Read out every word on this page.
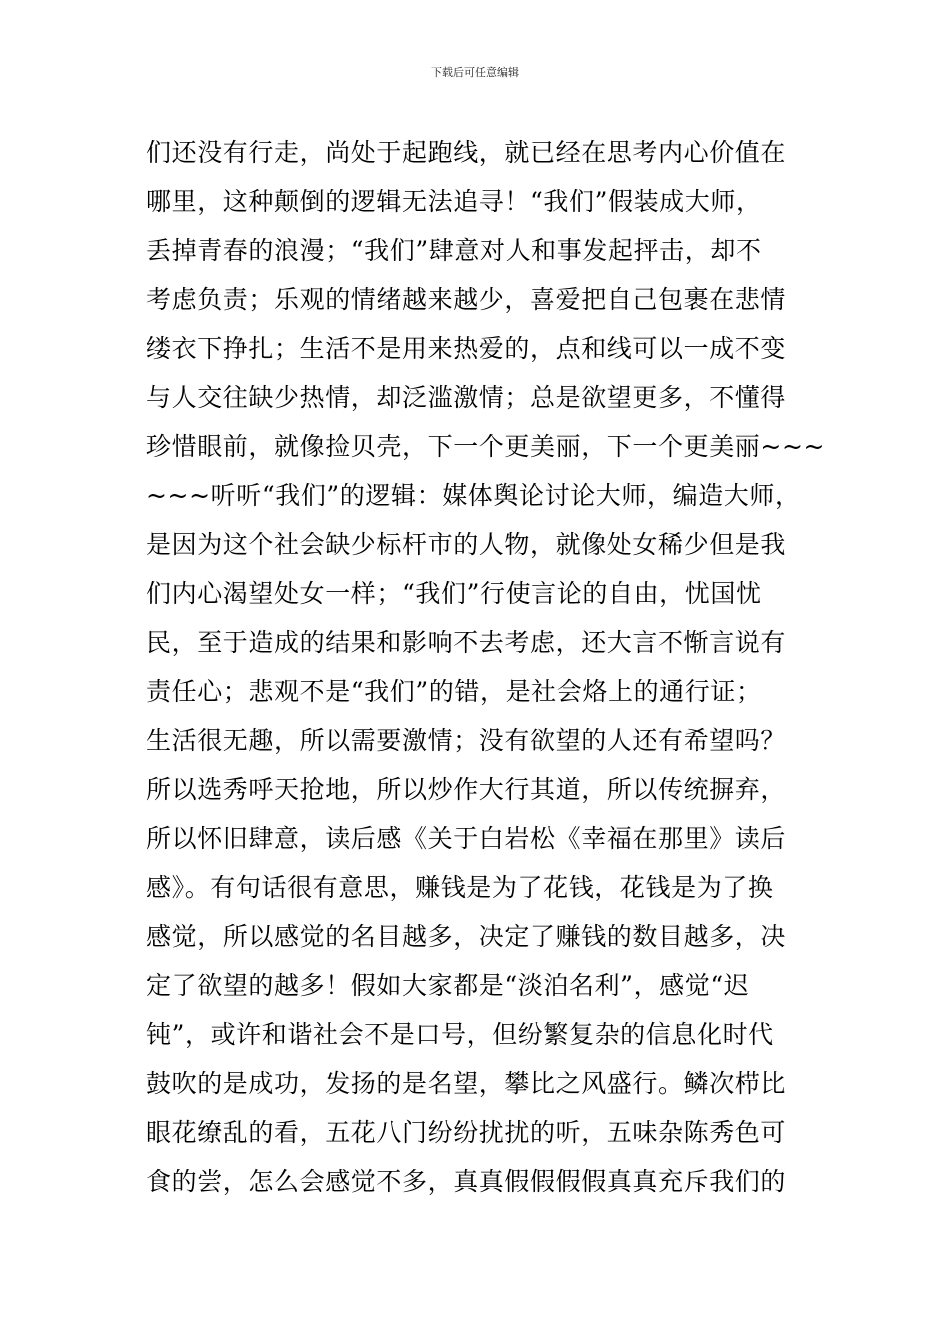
下载后可任意编辑
们还没有行走，尚处于起跑线，就已经在思考内心价值在
哪里，这种颠倒的逻辑无法追寻！“我们”假装成大师，
丢掉青春的浪漫；“我们”肆意对人和事发起抨击，却不
考虑负责；乐观的情绪越来越少，喜爱把自己包裹在悲情
缕衣下挣扎；生活不是用来热爱的，点和线可以一成不变
与人交往缺少热情，却泛滥激情；总是欲望更多，不懂得
珍惜眼前，就像捡贝壳，下一个更美丽，下一个更美丽~~~
~~~听听“我们”的逻辑：媒体舆论讨论大师，编造大师，
是因为这个社会缺少标杆市的人物，就像处女稀少但是我
们内心渴望处女一样；“我们”行使言论的自由，忧国忧
民，至于造成的结果和影响不去考虑，还大言不惭言说有
责任心；悲观不是“我们”的错，是社会烙上的通行证；
生活很无趣，所以需要激情；没有欲望的人还有希望吗？
所以选秀呼天抢地，所以炒作大行其道，所以传统摒弃，
所以怀旧肆意，读后感《关于白岩松《幸福在那里》读后
感》。有句话很有意思，赚钱是为了花钱，花钱是为了换
感觉，所以感觉的名目越多，决定了赚钱的数目越多，决
定了欲望的越多！假如大家都是“淡泊名利”，感觉“迟
钝”，或许和谐社会不是口号，但纷繁复杂的信息化时代
鼓吹的是成功，发扬的是名望，攀比之风盛行。鳞次栉比
眼花缭乱的看，五花八门纷纷扰扰的听，五味杂陈秀色可
食的尝，怎么会感觉不多，真真假假假假真真充斥我们的
